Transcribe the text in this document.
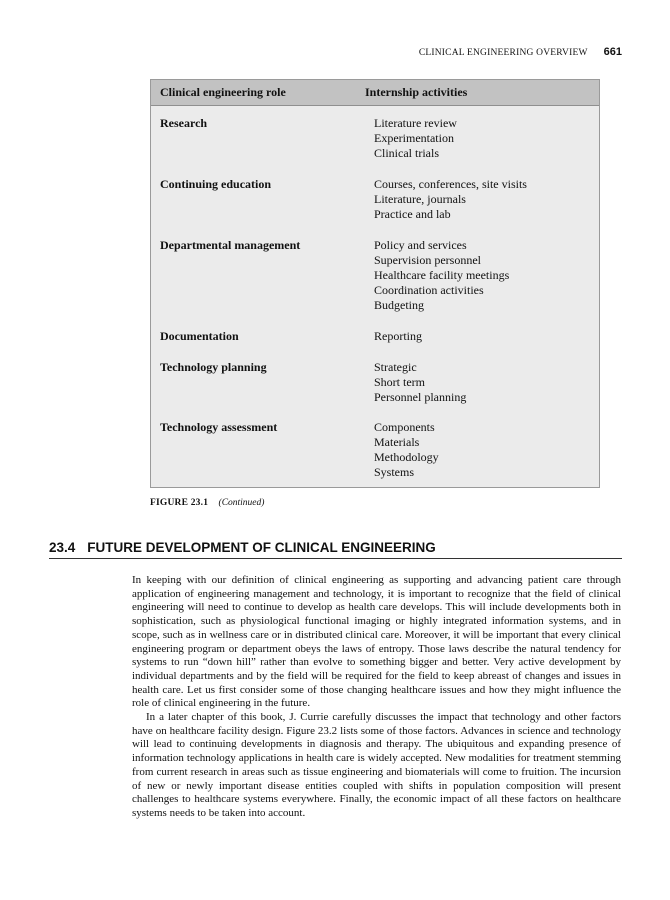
CLINICAL ENGINEERING OVERVIEW 661
Clinical engineering role	Internship activities
Research	Literature review
Experimentation
Clinical trials
Continuing education	Courses, conferences, site visits
Literature, journals
Practice and lab
Departmental management	Policy and services
Supervision personnel
Healthcare facility meetings
Coordination activities
Budgeting
Documentation	Reporting
Technology planning	Strategic
Short term
Personnel planning
Technology assessment	Components
Materials
Methodology
Systems
FIGURE 23.1 (Continued)
23.4 FUTURE DEVELOPMENT OF CLINICAL ENGINEERING

In keeping with our definition of clinical engineering as supporting and advancing patient care through application of engineering management and technology, it is important to recognize that the field of clinical engineering will need to continue to develop as health care develops. This will include developments both in sophistication, such as physiological functional imaging or highly integrated information systems, and in scope, such as in wellness care or in distributed clinical care. Moreover, it will be important that every clinical engineering program or department obeys the laws of entropy. Those laws describe the natural tendency for systems to run “down hill” rather than evolve to something bigger and better. Very active development by individual departments and by the field will be required for the field to keep abreast of changes and issues in health care. Let us first consider some of those changing healthcare issues and how they might influence the role of clinical engineering in the future.

In a later chapter of this book, J. Currie carefully discusses the impact that technology and other factors have on healthcare facility design. Figure 23.2 lists some of those factors. Advances in science and technology will lead to continuing developments in diagnosis and therapy. The ubiquitous and expanding presence of information technology applications in health care is widely accepted. New modalities for treatment stemming from current research in areas such as tissue engineering and biomaterials will come to fruition. The incursion of new or newly important disease entities coupled with shifts in population composition will present challenges to healthcare systems everywhere. Finally, the economic impact of all these factors on healthcare systems needs to be taken into account.
